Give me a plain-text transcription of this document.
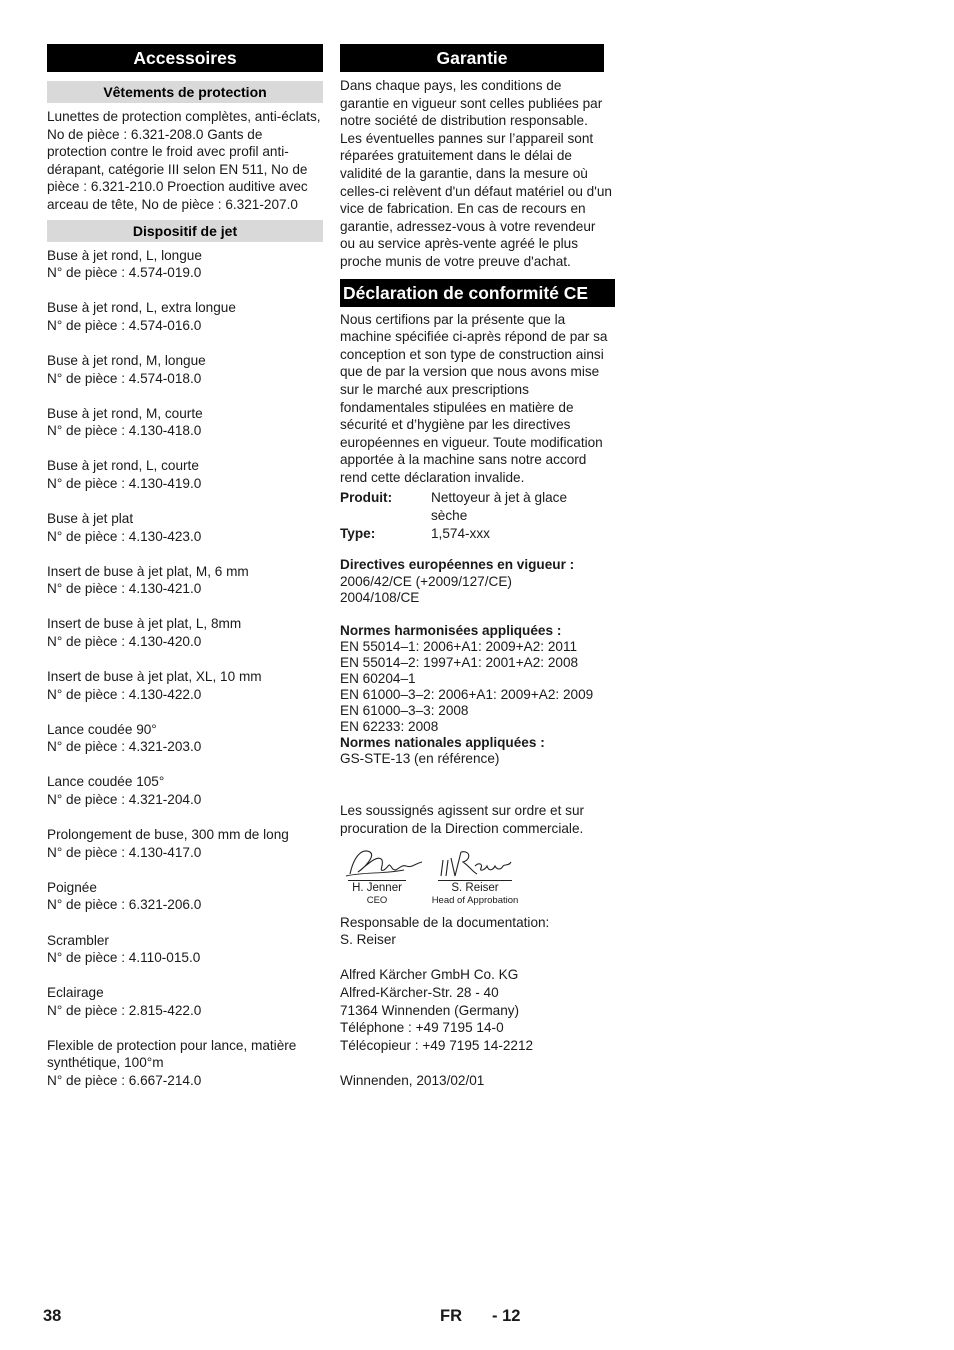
Accessoires
Vêtements de protection

Lunettes de protection complètes, anti-éclats, No de pièce : 6.321-208.0 Gants de protection contre le froid avec profil anti-dérapant, catégorie III selon EN 511, No de pièce : 6.321-210.0 Proection auditive avec arceau de tête, No de pièce : 6.321-207.0

Dispositif de jet
Buse à jet rond, L, longue
N° de pièce : 4.574-019.0
Buse à jet rond, L, extra longue
N° de pièce : 4.574-016.0
Buse à jet rond, M, longue
N° de pièce : 4.574-018.0
Buse à jet rond, M, courte
N° de pièce : 4.130-418.0
Buse à jet rond, L, courte
N° de pièce : 4.130-419.0
Buse à jet plat
N° de pièce : 4.130-423.0
Insert de buse à jet plat, M, 6 mm
N° de pièce : 4.130-421.0
Insert de buse à jet plat, L, 8mm
N° de pièce : 4.130-420.0
Insert de buse à jet plat, XL, 10 mm
N° de pièce : 4.130-422.0
Lance coudée 90°
N° de pièce : 4.321-203.0
Lance coudée 105°
N° de pièce : 4.321-204.0
Prolongement de buse, 300 mm de long
N° de pièce : 4.130-417.0
Poignée
N° de pièce : 6.321-206.0
Scrambler
N° de pièce : 4.110-015.0
Eclairage
N° de pièce : 2.815-422.0
Flexible de protection pour lance, matière synthétique, 100°m
N° de pièce : 6.667-214.0
Garantie

Dans chaque pays, les conditions de garantie en vigueur sont celles publiées par notre société de distribution responsable. Les éventuelles pannes sur l’appareil sont réparées gratuitement dans le délai de validité de la garantie, dans la mesure où celles-ci relèvent d'un défaut matériel ou d'un vice de fabrication. En cas de recours en garantie, adressez-vous à votre revendeur ou au service après-vente agréé le plus proche munis de votre preuve d'achat.

Déclaration de conformité CE

Nous certifions par la présente que la machine spécifiée ci-après répond de par sa conception et son type de construction ainsi que de par la version que nous avons mise sur le marché aux prescriptions fondamentales stipulées en matière de sécurité et d’hygiène par les directives européennes en vigueur. Toute modification apportée à la machine sans notre accord rend cette déclaration invalide.

Produit:	Nettoyeur à jet à glace sèche
Type:	1,574-xxx
Directives européennes en vigueur :
2006/42/CE (+2009/127/CE)
2004/108/CE
Normes harmonisées appliquées :
EN 55014–1: 2006+A1: 2009+A2: 2011
EN 55014–2: 1997+A1: 2001+A2: 2008
EN 60204–1
EN 61000–3–2: 2006+A1: 2009+A2: 2009
EN 61000–3–3: 2008
EN 62233: 2008
Normes nationales appliquées :
GS-STE-13 (en référence)

Les soussignés agissent sur ordre et sur procuration de la Direction commerciale.

H. Jenner
CEO
S. Reiser
Head of Approbation
Responsable de la documentation:
S. Reiser
Alfred Kärcher GmbH Co. KG
Alfred-Kärcher-Str. 28 - 40
71364 Winnenden (Germany)
Téléphone : +49 7195 14-0
Télécopieur : +49 7195 14-2212
Winnenden, 2013/02/01
38	FR - 12
